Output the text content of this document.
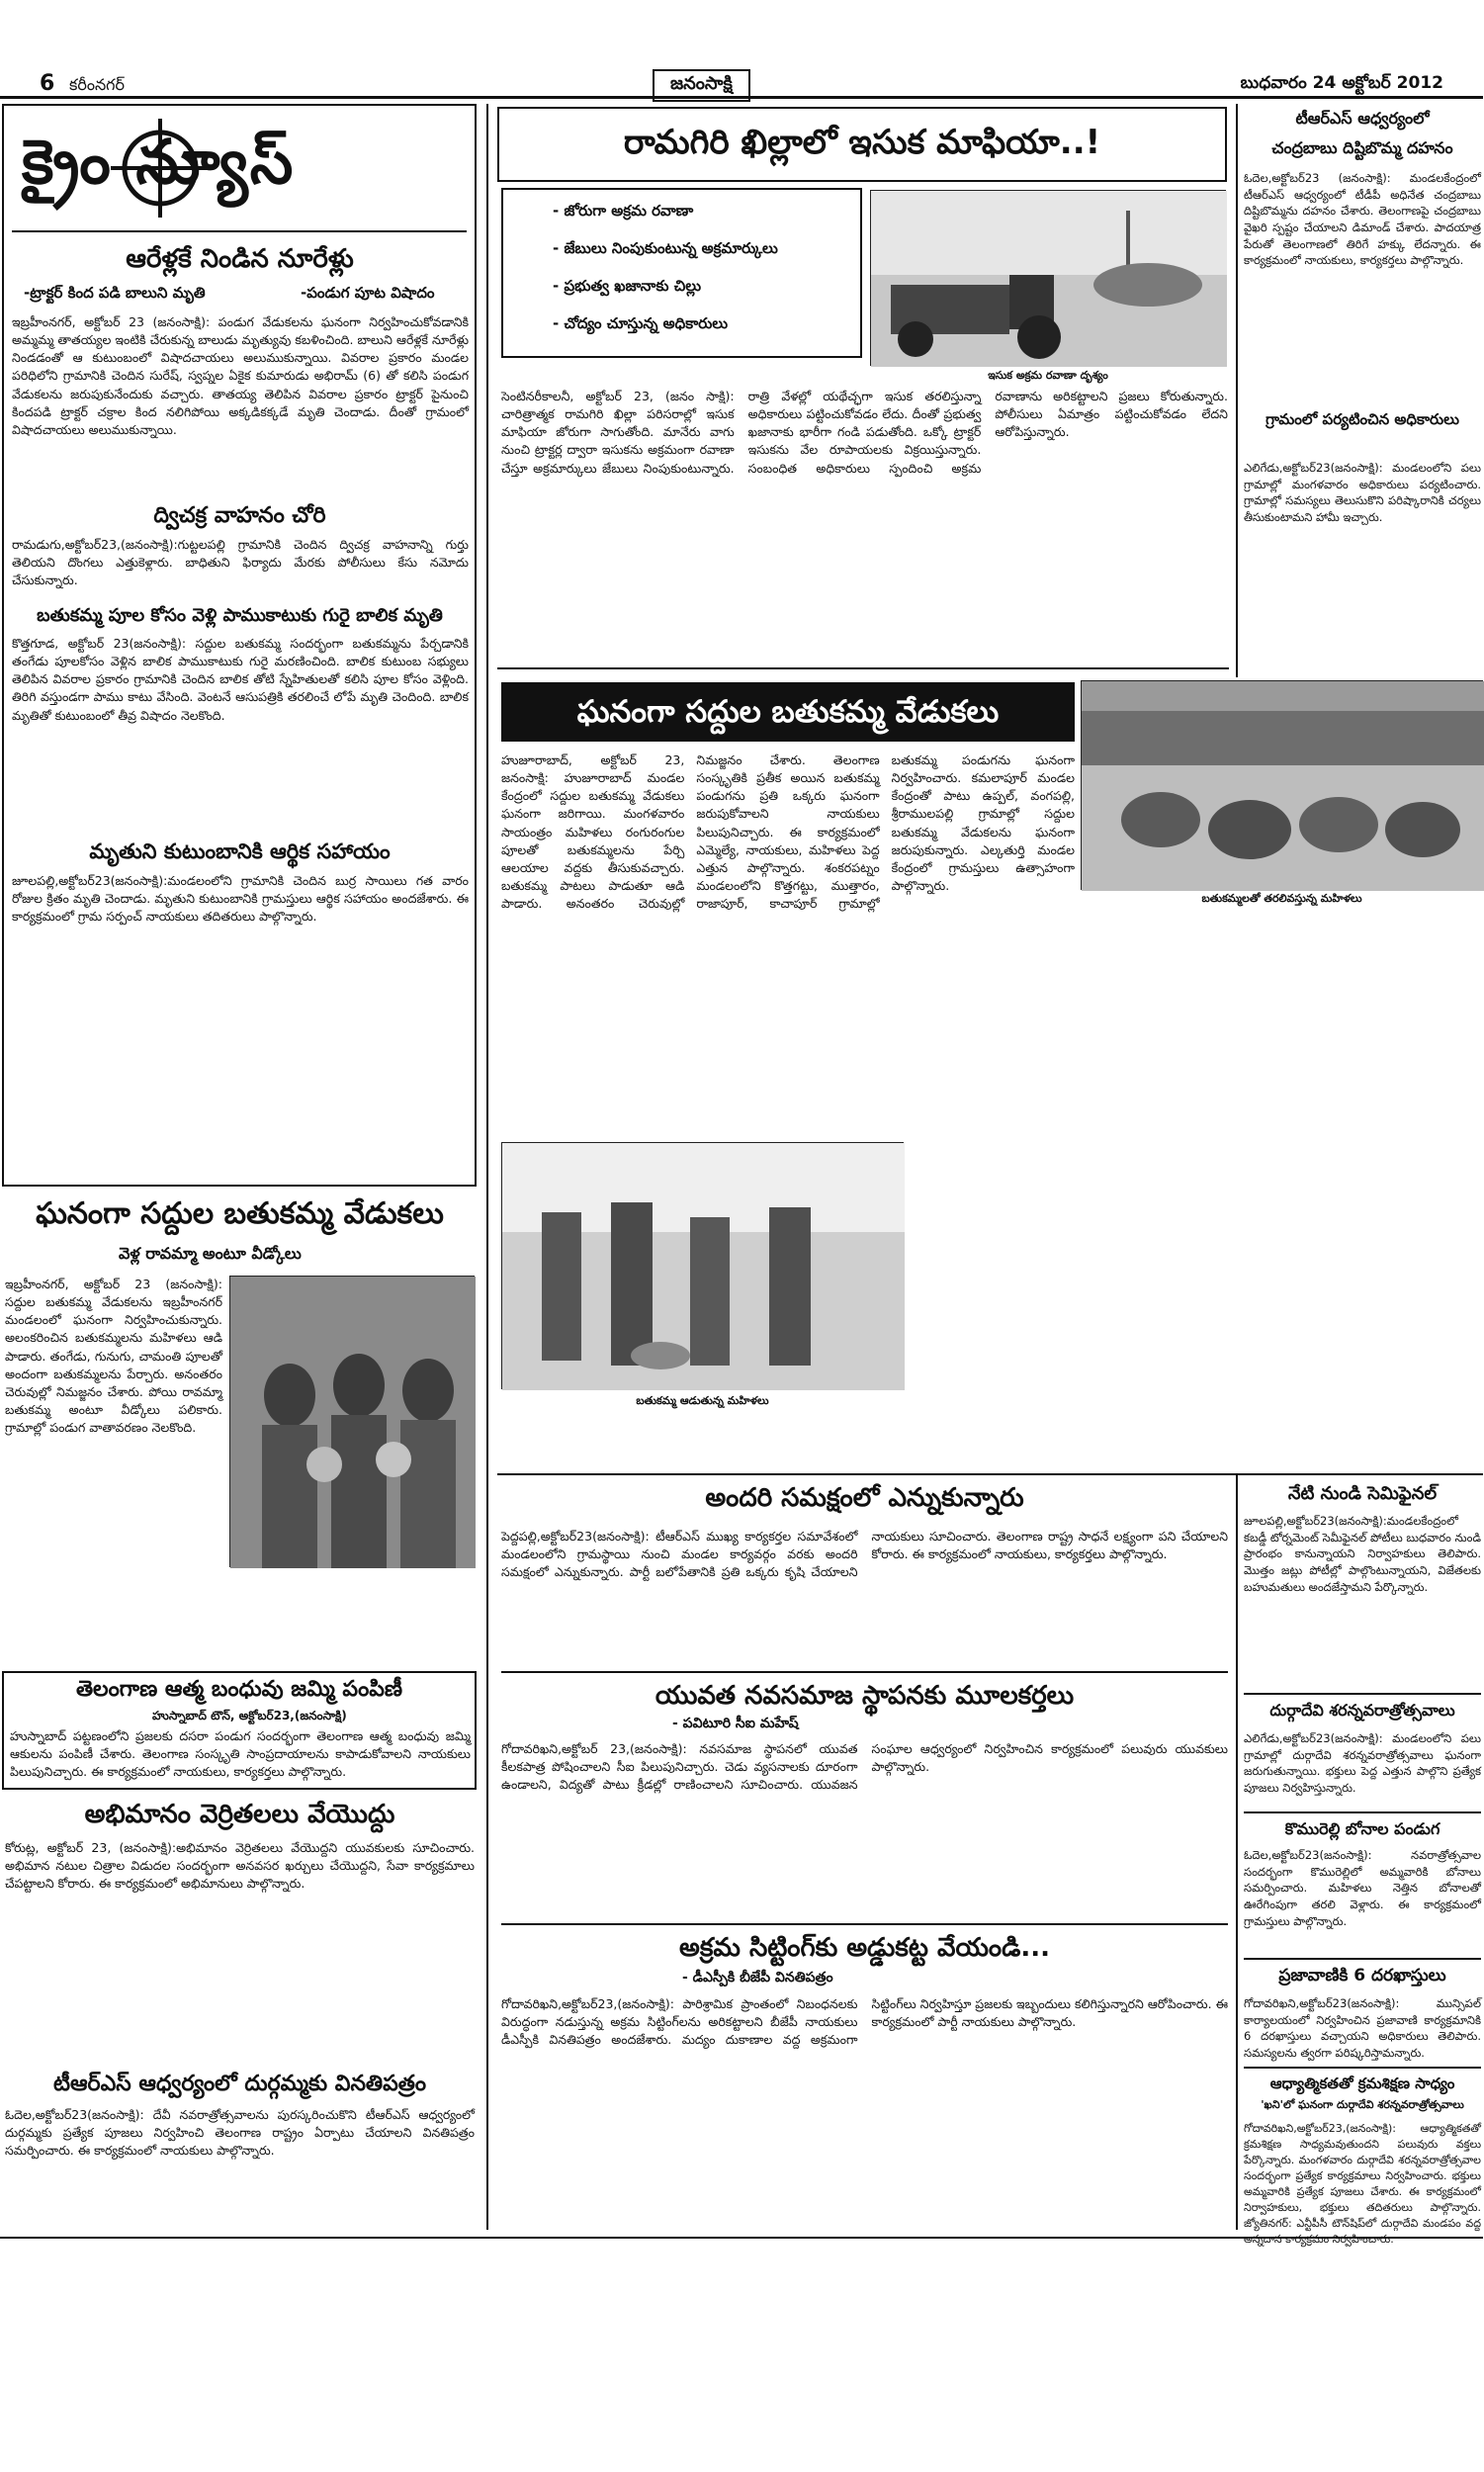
6 కరీంనగర్	జనంసాక్షి	బుధవారం 24 అక్టోబర్ 2012
క్రైం న్యూస్
ఆరేళ్లకే నిండిన నూరేళ్లు
-ట్రాక్టర్‌ కింద పడి బాలుని మృతి	-పండుగ పూట విషాదం
ఇబ్రహీంనగర్‌, అక్టోబర్‌ 23 (జనంసాక్షి): పండుగ వేడుకలను ఘనంగా నిర్వహించుకోవడానికి అమ్మమ్మ తాతయ్యల ఇంటికి చేరుకున్న బాలుడు మృత్యువు కబళించింది. బాలుని ఆరేళ్లకే నూరేళ్లు నిండడంతో ఆ కుటుంబంలో విషాదచాయలు అలుముకున్నాయి. వివరాల ప్రకారం మండల పరిధిలోని గ్రామానికి చెందిన సురేష్‌, స్వప్నల ఏకైక కుమారుడు అభిరామ్‌ (6) తో కలిసి పండుగ వేడుకలను జరుపుకునేందుకు వచ్చారు. తాతయ్య తెలిపిన వివరాల ప్రకారం ట్రాక్టర్‌ పైనుంచి కిందపడి ట్రాక్టర్‌ చక్రాల కింద నలిగిపోయి అక్కడికక్కడే మృతి చెందాడు. దీంతో గ్రామంలో విషాదచాయలు అలుముకున్నాయి.
ద్విచక్ర వాహనం చోరి
రామడుగు,అక్టోబర్‌23,(జనంసాక్షి):గుట్టలపల్లి గ్రామానికి చెందిన ద్విచక్ర వాహనాన్ని గుర్తు తెలియని దొంగలు ఎత్తుకెళ్లారు. బాధితుని ఫిర్యాదు మేరకు పోలీసులు కేసు నమోదు చేసుకున్నారు.
బతుకమ్మ పూల కోసం వెళ్లి పాముకాటుకు గురై బాలిక మృతి
కొత్తగూడ, అక్టోబర్‌ 23(జనంసాక్షి): సద్దుల బతుకమ్మ సందర్భంగా బతుకమ్మను పేర్చడానికి తంగేడు పూలకోసం వెళ్లిన బాలిక పాముకాటుకు గురై మరణించింది. బాలిక కుటుంబ సభ్యులు తెలిపిన వివరాల ప్రకారం గ్రామానికి చెందిన బాలిక తోటి స్నేహితులతో కలిసి పూల కోసం వెళ్లింది. తిరిగి వస్తుండగా పాము కాటు వేసింది. వెంటనే ఆసుపత్రికి తరలించే లోపే మృతి చెందింది. బాలిక మృతితో కుటుంబంలో తీవ్ర విషాదం నెలకొంది.
మృతుని కుటుంబానికి ఆర్థిక సహాయం
జూలపల్లి,అక్టోబర్‌23(జనంసాక్షి):మండలంలోని గ్రామానికి చెందిన బుర్ర సాయిలు గత వారం రోజుల క్రితం మృతి చెందాడు. మృతుని కుటుంబానికి గ్రామస్తులు ఆర్థిక సహాయం అందజేశారు. ఈ కార్యక్రమంలో గ్రామ సర్పంచ్‌ నాయకులు తదితరులు పాల్గొన్నారు.
ఘనంగా సద్దుల బతుకమ్మ వేడుకలు
వెళ్ల రావమ్మా అంటూ వీడ్కోలు
ఇబ్రహీంనగర్‌, అక్టోబర్‌ 23 (జనంసాక్షి): సద్దుల బతుకమ్మ వేడుకలను ఇబ్రహీంనగర్‌ మండలంలో ఘనంగా నిర్వహించుకున్నారు. అలంకరించిన బతుకమ్మలను మహిళలు ఆడి పాడారు. తంగేడు, గునుగు, చామంతి పూలతో అందంగా బతుకమ్మలను పేర్చారు. అనంతరం చెరువుల్లో నిమజ్జనం చేశారు. పోయి రావమ్మా బతుకమ్మ అంటూ వీడ్కోలు పలికారు. గ్రామాల్లో పండుగ వాతావరణం నెలకొంది.
తెలంగాణ ఆత్మ బంధువు జమ్మి పంపిణీ
హుస్నాబాద్‌ టౌన్‌, అక్టోబర్‌23,(జనంసాక్షి)
హుస్నాబాద్‌ పట్టణంలోని ప్రజలకు దసరా పండుగ సందర్భంగా తెలంగాణ ఆత్మ బంధువు జమ్మి ఆకులను పంపిణీ చేశారు. తెలంగాణ సంస్కృతి సాంప్రదాయాలను కాపాడుకోవాలని నాయకులు పిలుపునిచ్చారు. ఈ కార్యక్రమంలో నాయకులు, కార్యకర్తలు పాల్గొన్నారు.
అభిమానం వెర్రితలలు వేయొద్దు
కోరుట్ల, అక్టోబర్‌ 23, (జనంసాక్షి):అభిమానం వెర్రితలలు వేయొద్దని యువకులకు సూచించారు. అభిమాన నటుల చిత్రాల విడుదల సందర్భంగా అనవసర ఖర్చులు చేయొద్దని, సేవా కార్యక్రమాలు చేపట్టాలని కోరారు. ఈ కార్యక్రమంలో అభిమానులు పాల్గొన్నారు.
టీఆర్‌ఎస్‌ ఆధ్వర్యంలో దుర్గమ్మకు వినతిపత్రం
ఓదెల,అక్టోబర్‌23(జనంసాక్షి): దేవీ నవరాత్రోత్సవాలను పురస్కరించుకొని టీఆర్‌ఎస్‌ ఆధ్వర్యంలో దుర్గమ్మకు ప్రత్యేక పూజలు నిర్వహించి తెలంగాణ రాష్ట్రం ఏర్పాటు చేయాలని వినతిపత్రం సమర్పించారు. ఈ కార్యక్రమంలో నాయకులు పాల్గొన్నారు.
రామగిరి ఖిల్లాలో ఇసుక మాఫియా..!
- జోరుగా అక్రమ రవాణా
- జేబులు నింపుకుంటున్న అక్రమార్కులు
- ప్రభుత్వ ఖజానాకు చిల్లు
- చోద్యం చూస్తున్న అధికారులు
ఇసుక అక్రమ రవాణా దృశ్యం
సెంటినరీకాలనీ, అక్టోబర్‌ 23, (జనం సాక్షి): చారిత్రాత్మక రామగిరి ఖిల్లా పరిసరాల్లో ఇసుక మాఫియా జోరుగా సాగుతోంది. మానేరు వాగు నుంచి ట్రాక్టర్ల ద్వారా ఇసుకను అక్రమంగా రవాణా చేస్తూ అక్రమార్కులు జేబులు నింపుకుంటున్నారు. రాత్రి వేళల్లో యథేచ్ఛగా ఇసుక తరలిస్తున్నా అధికారులు పట్టించుకోవడం లేదు. దీంతో ప్రభుత్వ ఖజానాకు భారీగా గండి పడుతోంది. ఒక్కో ట్రాక్టర్‌ ఇసుకను వేల రూపాయలకు విక్రయిస్తున్నారు. సంబంధిత అధికారులు స్పందించి అక్రమ రవాణాను అరికట్టాలని ప్రజలు కోరుతున్నారు. పోలీసులు ఏమాత్రం పట్టించుకోవడం లేదని ఆరోపిస్తున్నారు.
ఘనంగా సద్దుల బతుకమ్మ వేడుకలు
బతుకమ్మలతో తరలివస్తున్న మహిళలు
హుజూరాబాద్‌, అక్టోబర్‌ 23, జనంసాక్షి: హుజూరాబాద్‌ మండల కేంద్రంలో సద్దుల బతుకమ్మ వేడుకలు ఘనంగా జరిగాయి. మంగళవారం సాయంత్రం మహిళలు రంగురంగుల పూలతో బతుకమ్మలను పేర్చి ఆలయాల వద్దకు తీసుకువచ్చారు. బతుకమ్మ పాటలు పాడుతూ ఆడి పాడారు. అనంతరం చెరువుల్లో నిమజ్జనం చేశారు. తెలంగాణ సంస్కృతికి ప్రతీక అయిన బతుకమ్మ పండుగను ప్రతి ఒక్కరు ఘనంగా జరుపుకోవాలని నాయకులు పిలుపునిచ్చారు. ఈ కార్యక్రమంలో ఎమ్మెల్యే, నాయకులు, మహిళలు పెద్ద ఎత్తున పాల్గొన్నారు. శంకరపట్నం మండలంలోని కొత్తగట్టు, ముత్తారం, రాజాపూర్‌, కాచాపూర్‌ గ్రామాల్లో బతుకమ్మ పండుగను ఘనంగా నిర్వహించారు. కమలాపూర్‌ మండల కేంద్రంతో పాటు ఉప్పల్‌, వంగపల్లి, శ్రీరాములపల్లి గ్రామాల్లో సద్దుల బతుకమ్మ వేడుకలను ఘనంగా జరుపుకున్నారు. ఎల్కతుర్తి మండల కేంద్రంలో గ్రామస్తులు ఉత్సాహంగా పాల్గొన్నారు.
బతుకమ్మ ఆడుతున్న మహిళలు
అందరి సమక్షంలో ఎన్నుకున్నారు
పెద్దపల్లి,అక్టోబర్‌23(జనంసాక్షి): టీఆర్‌ఎస్‌ ముఖ్య కార్యకర్తల సమావేశంలో మండలంలోని గ్రామస్థాయి నుంచి మండల కార్యవర్గం వరకు అందరి సమక్షంలో ఎన్నుకున్నారు. పార్టీ బలోపేతానికి ప్రతి ఒక్కరు కృషి చేయాలని నాయకులు సూచించారు. తెలంగాణ రాష్ట్ర సాధనే లక్ష్యంగా పని చేయాలని కోరారు. ఈ కార్యక్రమంలో నాయకులు, కార్యకర్తలు పాల్గొన్నారు.
యువత నవసమాజ స్థాపనకు మూలకర్తలు
- పవిటూరి సీఐ మహేష్‌
గోదావరిఖని,అక్టోబర్‌ 23,(జనంసాక్షి): నవసమాజ స్థాపనలో యువత కీలకపాత్ర పోషించాలని సీఐ పిలుపునిచ్చారు. చెడు వ్యసనాలకు దూరంగా ఉండాలని, విద్యతో పాటు క్రీడల్లో రాణించాలని సూచించారు. యువజన సంఘాల ఆధ్వర్యంలో నిర్వహించిన కార్యక్రమంలో పలువురు యువకులు పాల్గొన్నారు.
అక్రమ సిట్టింగ్‌కు అడ్డుకట్ట వేయండి...
- డీఎస్పీకి బీజేపీ వినతిపత్రం
గోదావరిఖని,అక్టోబర్‌23,(జనంసాక్షి): పారిశ్రామిక ప్రాంతంలో నిబంధనలకు విరుద్ధంగా నడుస్తున్న అక్రమ సిట్టింగ్‌లను అరికట్టాలని బీజేపీ నాయకులు డీఎస్పీకి వినతిపత్రం అందజేశారు. మద్యం దుకాణాల వద్ద అక్రమంగా సిట్టింగ్‌లు నిర్వహిస్తూ ప్రజలకు ఇబ్బందులు కలిగిస్తున్నారని ఆరోపించారు. ఈ కార్యక్రమంలో పార్టీ నాయకులు పాల్గొన్నారు.
టీఆర్‌ఎస్‌ ఆధ్వర్యంలో
చంద్రబాబు దిష్టిబొమ్మ దహనం
ఓదెల,అక్టోబర్‌23 (జనంసాక్షి): మండలకేంద్రంలో టీఆర్‌ఎస్‌ ఆధ్వర్యంలో టీడీపీ అధినేత చంద్రబాబు దిష్టిబొమ్మను దహనం చేశారు. తెలంగాణపై చంద్రబాబు వైఖరి స్పష్టం చేయాలని డిమాండ్‌ చేశారు. పాదయాత్ర పేరుతో తెలంగాణలో తిరిగే హక్కు లేదన్నారు. ఈ కార్యక్రమంలో నాయకులు, కార్యకర్తలు పాల్గొన్నారు.
గ్రామంలో పర్యటించిన అధికారులు
ఎలిగేడు,అక్టోబర్‌23(జనంసాక్షి): మండలంలోని పలు గ్రామాల్లో మంగళవారం అధికారులు పర్యటించారు. గ్రామాల్లో సమస్యలు తెలుసుకొని పరిష్కారానికి చర్యలు తీసుకుంటామని హామీ ఇచ్చారు.
నేటి నుండి సెమిఫైనల్‌
జూలపల్లి,అక్టోబర్‌23(జనంసాక్షి):మండలకేంద్రంలో కబడ్డీ టోర్నమెంట్‌ సెమీఫైనల్‌ పోటీలు బుధవారం నుండి ప్రారంభం కానున్నాయని నిర్వాహకులు తెలిపారు. మొత్తం జట్లు పోటీల్లో పాల్గొంటున్నాయని, విజేతలకు బహుమతులు అందజేస్తామని పేర్కొన్నారు.
దుర్గాదేవి శరన్నవరాత్రోత్సవాలు
ఎలిగేడు,అక్టోబర్‌23(జనంసాక్షి): మండలంలోని పలు గ్రామాల్లో దుర్గాదేవి శరన్నవరాత్రోత్సవాలు ఘనంగా జరుగుతున్నాయి. భక్తులు పెద్ద ఎత్తున పాల్గొని ప్రత్యేక పూజలు నిర్వహిస్తున్నారు.
కొమురెల్లి బోనాల పండుగ
ఓదెల,అక్టోబర్‌23(జనంసాక్షి): నవరాత్రోత్సవాల సందర్భంగా కొమురెల్లిలో అమ్మవారికి బోనాలు సమర్పించారు. మహిళలు నెత్తిన బోనాలతో ఊరేగింపుగా తరలి వెళ్లారు. ఈ కార్యక్రమంలో గ్రామస్తులు పాల్గొన్నారు.
ప్రజావాణికి 6 దరఖాస్తులు
గోదావరిఖని,అక్టోబర్‌23(జనంసాక్షి): మున్సిపల్‌ కార్యాలయంలో నిర్వహించిన ప్రజావాణి కార్యక్రమానికి 6 దరఖాస్తులు వచ్చాయని అధికారులు తెలిపారు. సమస్యలను త్వరగా పరిష్కరిస్తామన్నారు.
ఆధ్యాత్మికతతో క్రమశిక్షణ సాధ్యం
'ఖని'లో ఘనంగా దుర్గాదేవి శరన్నవరాత్రోత్సవాలు
గోదావరిఖని,అక్టోబర్‌23,(జనంసాక్షి): ఆధ్యాత్మికతతో క్రమశిక్షణ సాధ్యమవుతుందని పలువురు వక్తలు పేర్కొన్నారు. మంగళవారం దుర్గాదేవి శరన్నవరాత్రోత్సవాల సందర్భంగా ప్రత్యేక కార్యక్రమాలు నిర్వహించారు. భక్తులు అమ్మవారికి ప్రత్యేక పూజలు చేశారు. ఈ కార్యక్రమంలో నిర్వాహకులు, భక్తులు తదితరులు పాల్గొన్నారు. జ్యోతినగర్‌: ఎన్టీపీసీ టౌన్‌షిప్‌లో దుర్గాదేవి మండపం వద్ద అన్నదాన కార్యక్రమం నిర్వహించారు.
